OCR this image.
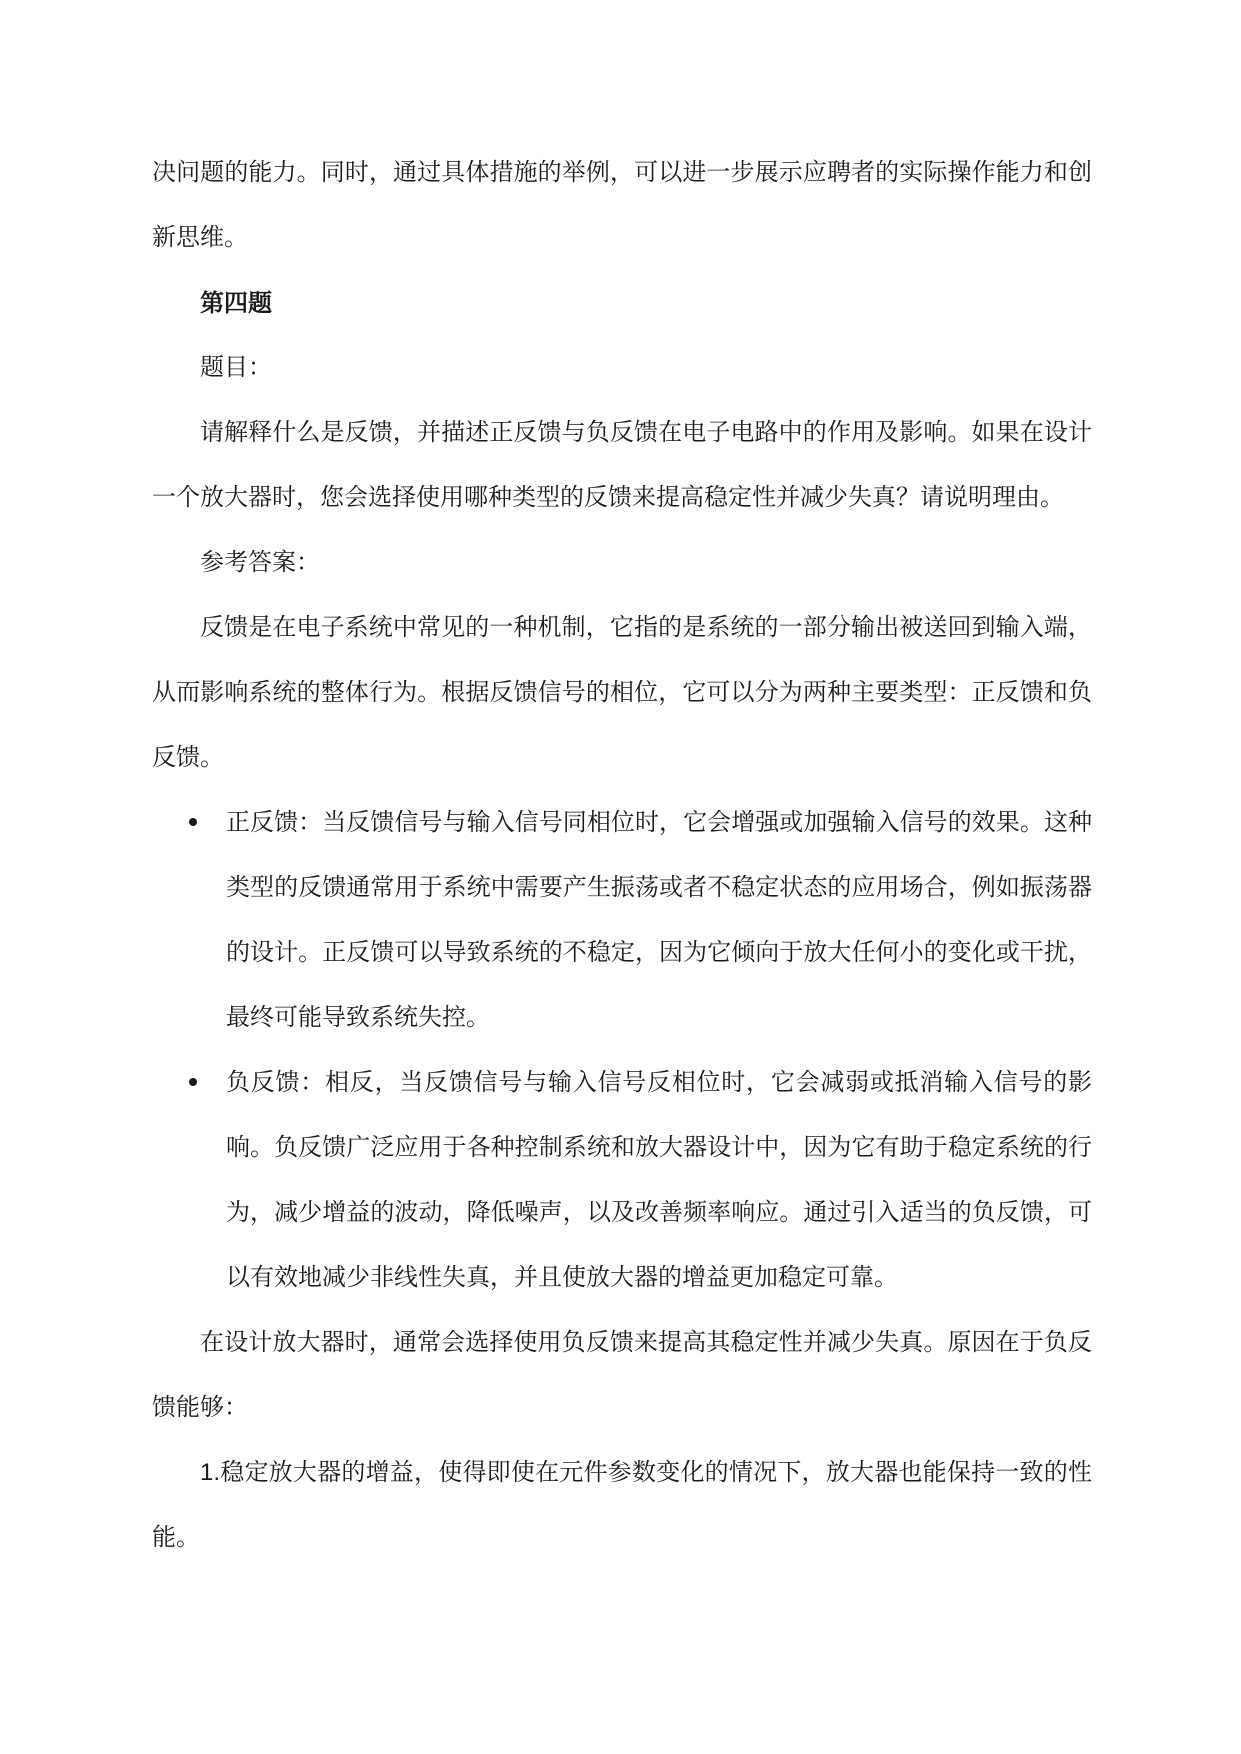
决问题的能力。同时，通过具体措施的举例，可以进一步展示应聘者的实际操作能力和创新思维。

第四题

题目：

请解释什么是反馈，并描述正反馈与负反馈在电子电路中的作用及影响。如果在设计一个放大器时，您会选择使用哪种类型的反馈来提高稳定性并减少失真？请说明理由。

参考答案：

反馈是在电子系统中常见的一种机制，它指的是系统的一部分输出被送回到输入端，从而影响系统的整体行为。根据反馈信号的相位，它可以分为两种主要类型：正反馈和负反馈。

正反馈：当反馈信号与输入信号同相位时，它会增强或加强输入信号的效果。这种类型的反馈通常用于系统中需要产生振荡或者不稳定状态的应用场合，例如振荡器的设计。正反馈可以导致系统的不稳定，因为它倾向于放大任何小的变化或干扰，最终可能导致系统失控。
负反馈：相反，当反馈信号与输入信号反相位时，它会减弱或抵消输入信号的影响。负反馈广泛应用于各种控制系统和放大器设计中，因为它有助于稳定系统的行为，减少增益的波动，降低噪声，以及改善频率响应。通过引入适当的负反馈，可以有效地减少非线性失真，并且使放大器的增益更加稳定可靠。

在设计放大器时，通常会选择使用负反馈来提高其稳定性并减少失真。原因在于负反馈能够：

1.稳定放大器的增益，使得即使在元件参数变化的情况下，放大器也能保持一致的性能。
